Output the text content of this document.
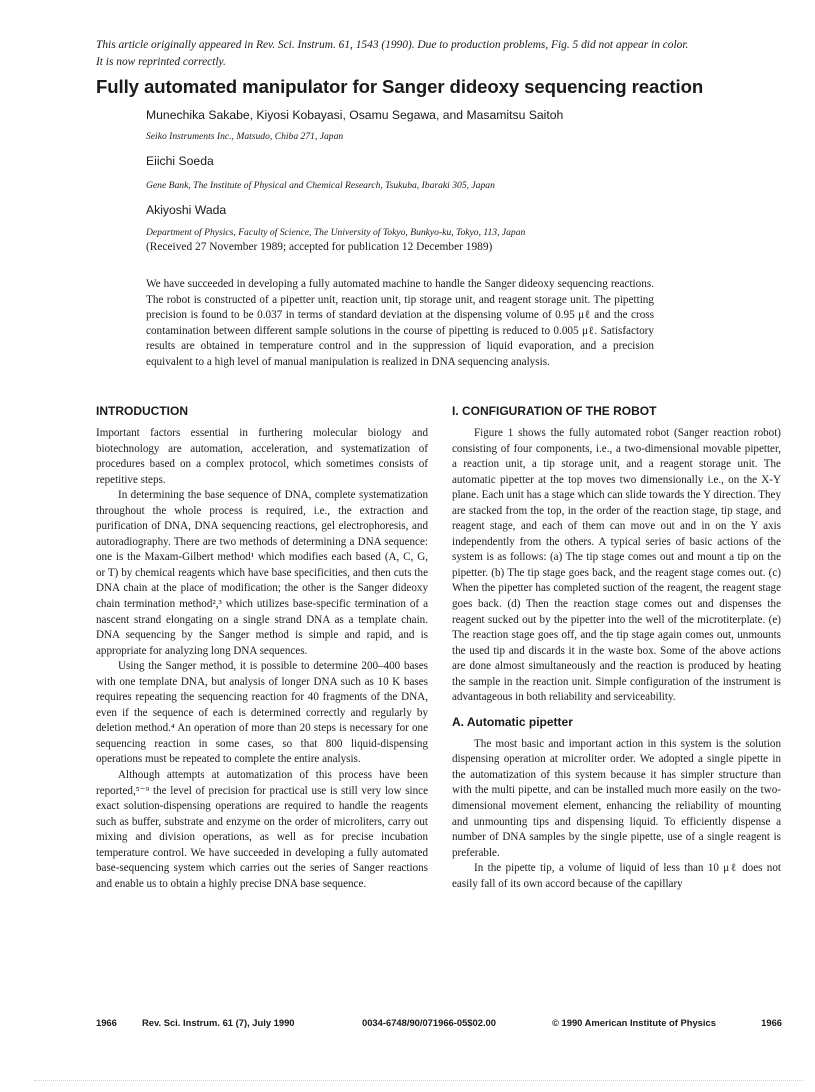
This article originally appeared in Rev. Sci. Instrum. 61, 1543 (1990). Due to production problems, Fig. 5 did not appear in color.
It is now reprinted correctly.
Fully automated manipulator for Sanger dideoxy sequencing reaction
Munechika Sakabe, Kiyosi Kobayasi, Osamu Segawa, and Masamitsu Saitoh
Seiko Instruments Inc., Matsudo, Chiba 271, Japan
Eiichi Soeda
Gene Bank, The Institute of Physical and Chemical Research, Tsukuba, Ibaraki 305, Japan
Akiyoshi Wada
Department of Physics, Faculty of Science, The University of Tokyo, Bunkyo-ku, Tokyo, 113, Japan
(Received 27 November 1989; accepted for publication 12 December 1989)
We have succeeded in developing a fully automated machine to handle the Sanger dideoxy sequencing reactions. The robot is constructed of a pipetter unit, reaction unit, tip storage unit, and reagent storage unit. The pipetting precision is found to be 0.037 in terms of standard deviation at the dispensing volume of 0.95 μℓ and the cross contamination between different sample solutions in the course of pipetting is reduced to 0.005 μℓ. Satisfactory results are obtained in temperature control and in the suppression of liquid evaporation, and a precision equivalent to a high level of manual manipulation is realized in DNA sequencing analysis.
INTRODUCTION

Important factors essential in furthering molecular biology and biotechnology are automation, acceleration, and systematization of procedures based on a complex protocol, which sometimes consists of repetitive steps.

In determining the base sequence of DNA, complete systematization throughout the whole process is required, i.e., the extraction and purification of DNA, DNA sequencing reactions, gel electrophoresis, and autoradiography. There are two methods of determining a DNA sequence: one is the Maxam-Gilbert method¹ which modifies each based (A, C, G, or T) by chemical reagents which have base specificities, and then cuts the DNA chain at the place of modification; the other is the Sanger dideoxy chain termination method²,³ which utilizes base-specific termination of a nascent strand elongating on a single strand DNA as a template chain. DNA sequencing by the Sanger method is simple and rapid, and is appropriate for analyzing long DNA sequences.

Using the Sanger method, it is possible to determine 200–400 bases with one template DNA, but analysis of longer DNA such as 10 K bases requires repeating the sequencing reaction for 40 fragments of the DNA, even if the sequence of each is determined correctly and regularly by deletion method.⁴ An operation of more than 20 steps is necessary for one sequencing reaction in some cases, so that 800 liquid-dispensing operations must be repeated to complete the entire analysis.

Although attempts at automatization of this process have been reported,⁵⁻⁹ the level of precision for practical use is still very low since exact solution-dispensing operations are required to handle the reagents such as buffer, substrate and enzyme on the order of microliters, carry out mixing and division operations, as well as for precise incubation temperature control. We have succeeded in developing a fully automated base-sequencing system which carries out the series of Sanger reactions and enable us to obtain a highly precise DNA base sequence.

I. CONFIGURATION OF THE ROBOT

Figure 1 shows the fully automated robot (Sanger reaction robot) consisting of four components, i.e., a two-dimensional movable pipetter, a reaction unit, a tip storage unit, and a reagent storage unit. The automatic pipetter at the top moves two dimensionally i.e., on the X-Y plane. Each unit has a stage which can slide towards the Y direction. They are stacked from the top, in the order of the reaction stage, tip stage, and reagent stage, and each of them can move out and in on the Y axis independently from the others. A typical series of basic actions of the system is as follows: (a) The tip stage comes out and mount a tip on the pipetter. (b) The tip stage goes back, and the reagent stage comes out. (c) When the pipetter has completed suction of the reagent, the reagent stage goes back. (d) Then the reaction stage comes out and dispenses the reagent sucked out by the pipetter into the well of the microtiterplate. (e) The reaction stage goes off, and the tip stage again comes out, unmounts the used tip and discards it in the waste box. Some of the above actions are done almost simultaneously and the reaction is produced by heating the sample in the reaction unit. Simple configuration of the instrument is advantageous in both reliability and serviceability.

A. Automatic pipetter

The most basic and important action in this system is the solution dispensing operation at microliter order. We adopted a single pipette in the automatization of this system because it has simpler structure than with the multi pipette, and can be installed much more easily on the two-dimensional movement element, enhancing the reliability of mounting and unmounting tips and dispensing liquid. To efficiently dispense a number of DNA samples by the single pipette, use of a single reagent is preferable.

In the pipette tip, a volume of liquid of less than 10 μℓ does not easily fall of its own accord because of the capillary

1966	Rev. Sci. Instrum. 61 (7), July 1990	0034-6748/90/071966-05$02.00	© 1990 American Institute of Physics	1966
